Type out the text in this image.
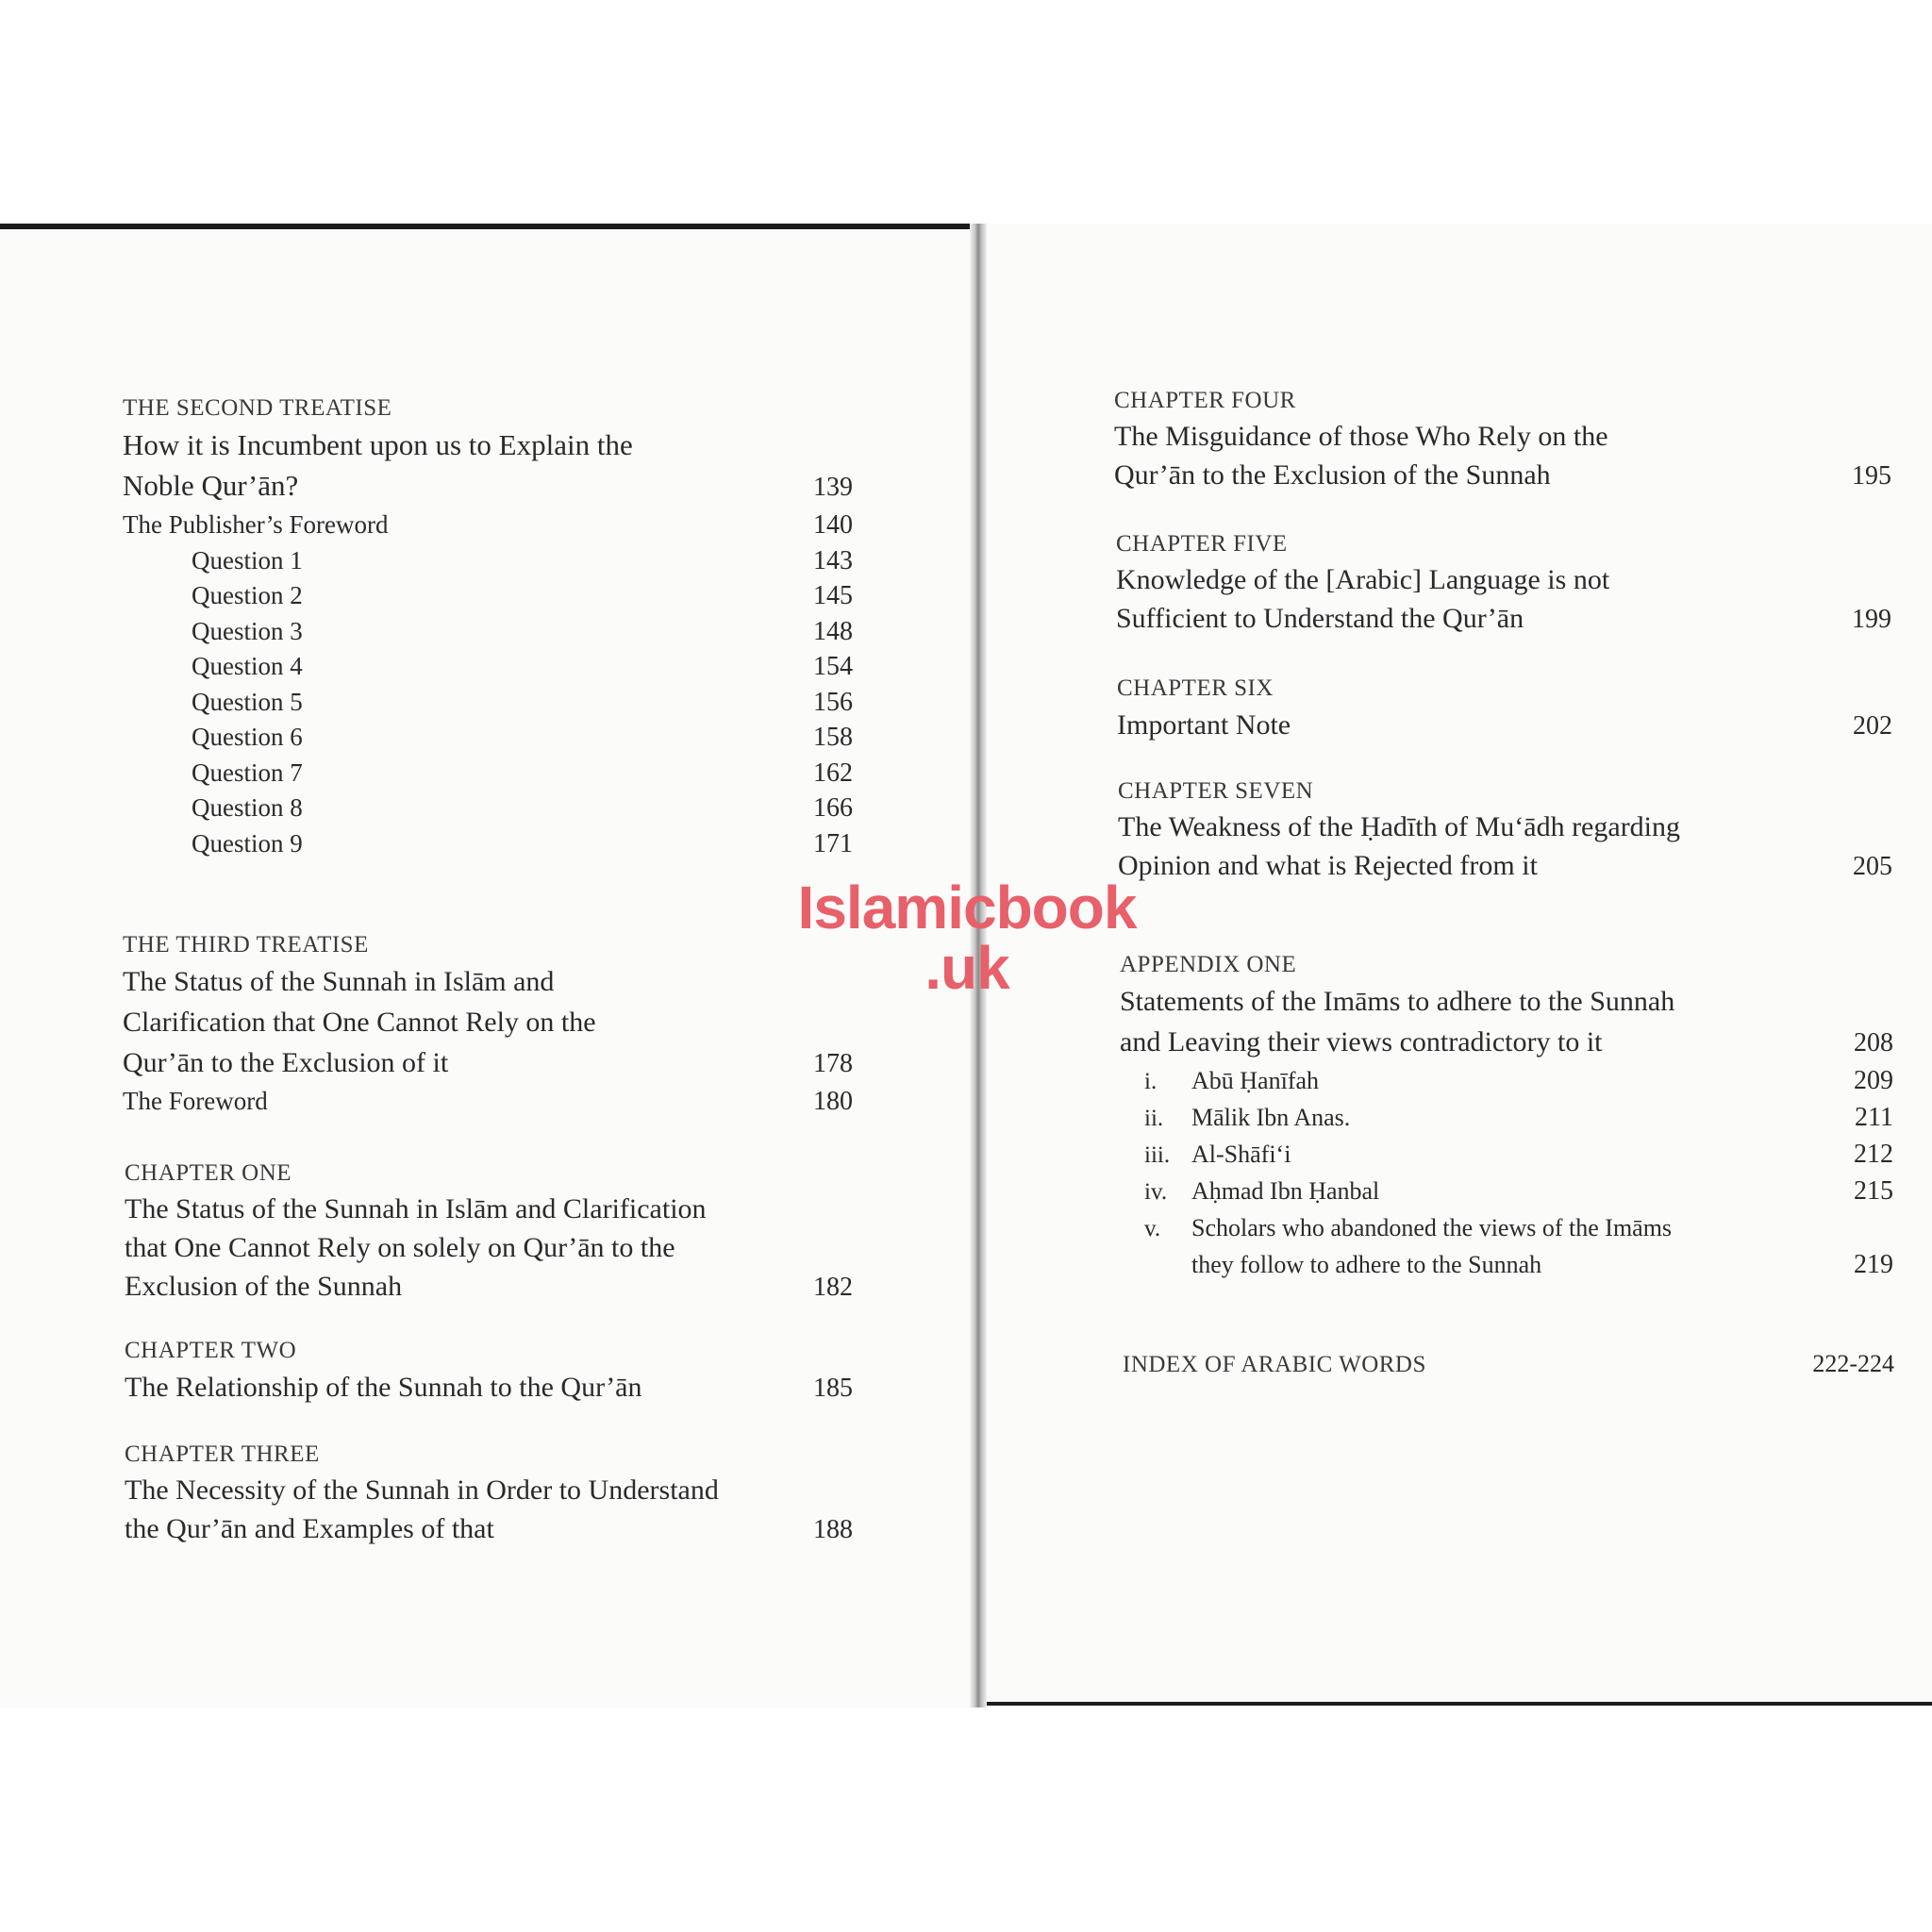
THE SECOND TREATISE
How it is Incumbent upon us to Explain the
Noble Qur’ān?	139
The Publisher’s Foreword	140
Question 1	143
Question 2	145
Question 3	148
Question 4	154
Question 5	156
Question 6	158
Question 7	162
Question 8	166
Question 9	171
THE THIRD TREATISE
The Status of the Sunnah in Islām and
Clarification that One Cannot Rely on the
Qur’ān to the Exclusion of it	178
The Foreword	180
CHAPTER ONE
The Status of the Sunnah in Islām and Clarification
that One Cannot Rely on solely on Qur’ān to the
Exclusion of the Sunnah	182
CHAPTER TWO
The Relationship of the Sunnah to the Qur’ān	185
CHAPTER THREE
The Necessity of the Sunnah in Order to Understand
the Qur’ān and Examples of that	188
CHAPTER FOUR
The Misguidance of those Who Rely on the
Qur’ān to the Exclusion of the Sunnah	195
CHAPTER FIVE
Knowledge of the [Arabic] Language is not
Sufficient to Understand the Qur’ān	199
CHAPTER SIX
Important Note	202
CHAPTER SEVEN
The Weakness of the Ḥadīth of Mu‘ādh regarding
Opinion and what is Rejected from it	205
APPENDIX ONE
Statements of the Imāms to adhere to the Sunnah
and Leaving their views contradictory to it	208
i. Abū Ḥanīfah	209
ii. Mālik Ibn Anas.	211
iii. Al-Shāfi‘i	212
iv. Aḥmad Ibn Ḥanbal	215
v. Scholars who abandoned the views of the Imāms
they follow to adhere to the Sunnah	219
INDEX OF ARABIC WORDS	222-224
Islamicbook
.uk
